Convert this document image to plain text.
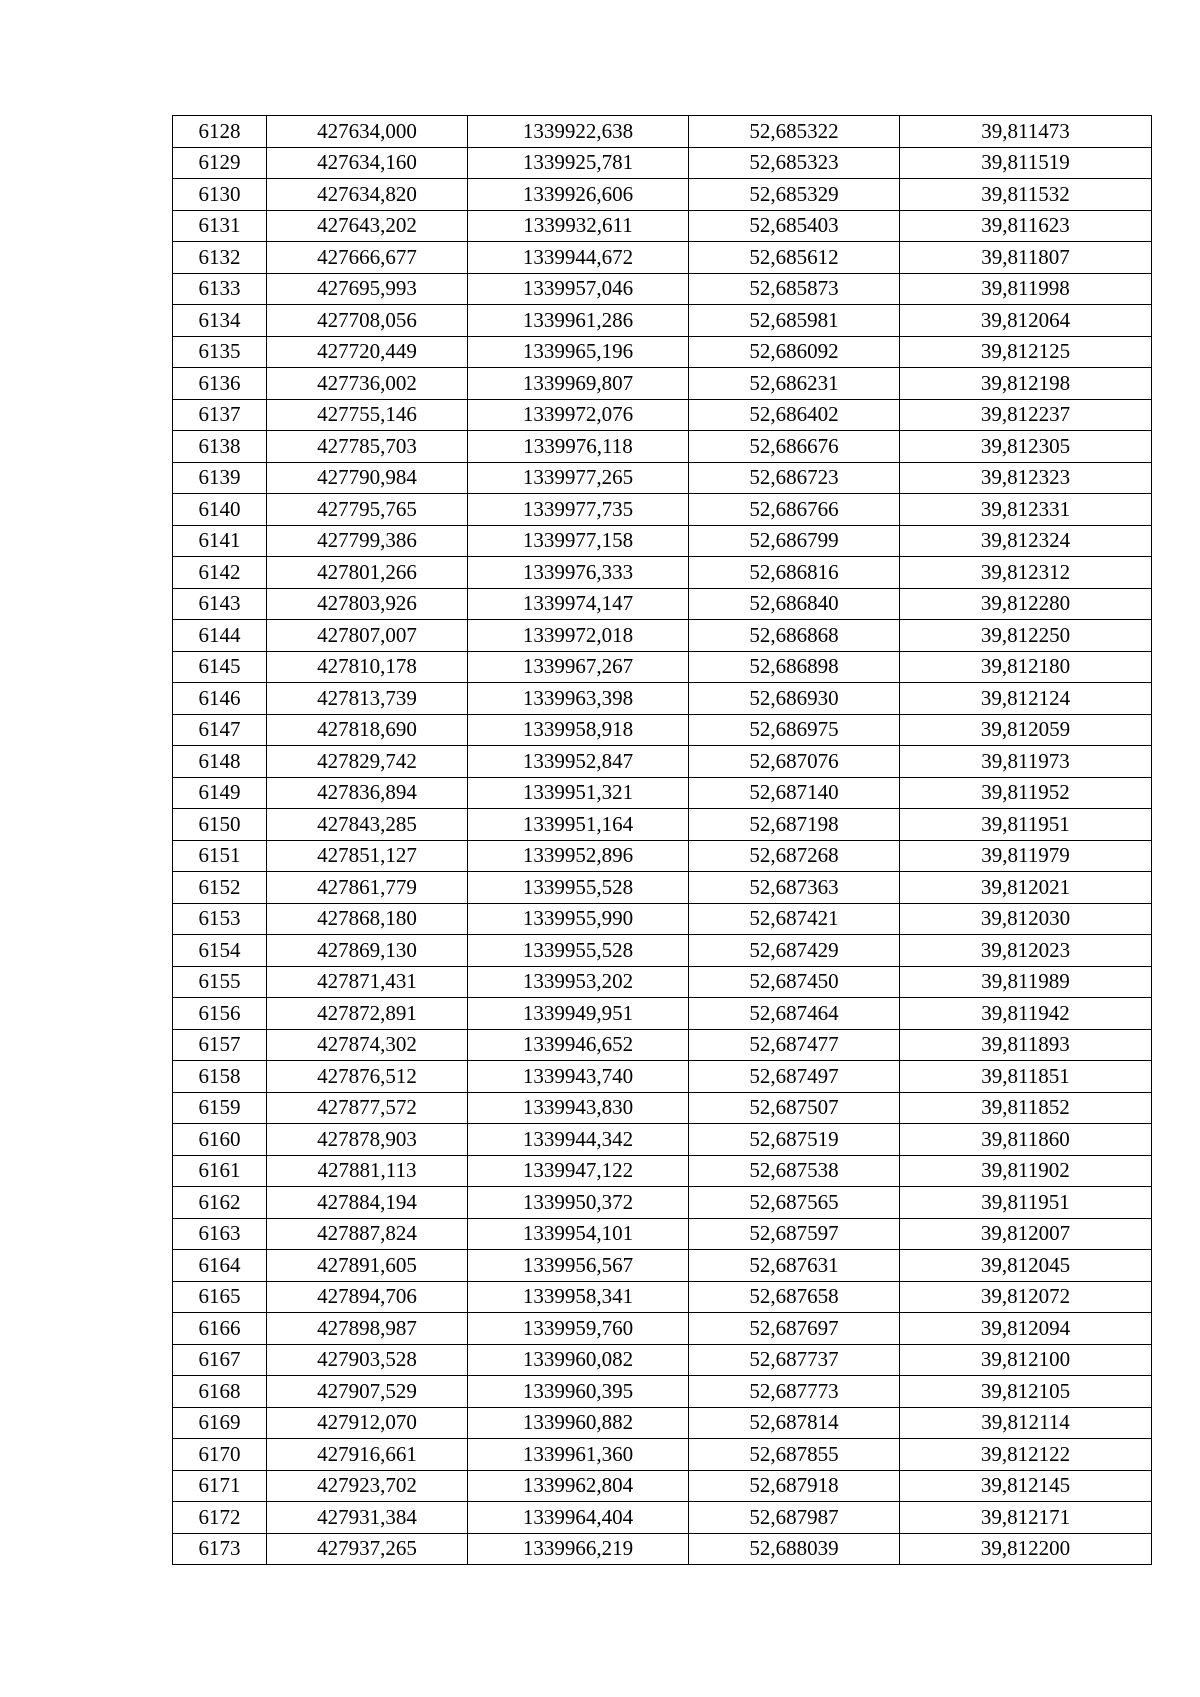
6128	427634,000	1339922,638	52,685322	39,811473
6129	427634,160	1339925,781	52,685323	39,811519
6130	427634,820	1339926,606	52,685329	39,811532
6131	427643,202	1339932,611	52,685403	39,811623
6132	427666,677	1339944,672	52,685612	39,811807
6133	427695,993	1339957,046	52,685873	39,811998
6134	427708,056	1339961,286	52,685981	39,812064
6135	427720,449	1339965,196	52,686092	39,812125
6136	427736,002	1339969,807	52,686231	39,812198
6137	427755,146	1339972,076	52,686402	39,812237
6138	427785,703	1339976,118	52,686676	39,812305
6139	427790,984	1339977,265	52,686723	39,812323
6140	427795,765	1339977,735	52,686766	39,812331
6141	427799,386	1339977,158	52,686799	39,812324
6142	427801,266	1339976,333	52,686816	39,812312
6143	427803,926	1339974,147	52,686840	39,812280
6144	427807,007	1339972,018	52,686868	39,812250
6145	427810,178	1339967,267	52,686898	39,812180
6146	427813,739	1339963,398	52,686930	39,812124
6147	427818,690	1339958,918	52,686975	39,812059
6148	427829,742	1339952,847	52,687076	39,811973
6149	427836,894	1339951,321	52,687140	39,811952
6150	427843,285	1339951,164	52,687198	39,811951
6151	427851,127	1339952,896	52,687268	39,811979
6152	427861,779	1339955,528	52,687363	39,812021
6153	427868,180	1339955,990	52,687421	39,812030
6154	427869,130	1339955,528	52,687429	39,812023
6155	427871,431	1339953,202	52,687450	39,811989
6156	427872,891	1339949,951	52,687464	39,811942
6157	427874,302	1339946,652	52,687477	39,811893
6158	427876,512	1339943,740	52,687497	39,811851
6159	427877,572	1339943,830	52,687507	39,811852
6160	427878,903	1339944,342	52,687519	39,811860
6161	427881,113	1339947,122	52,687538	39,811902
6162	427884,194	1339950,372	52,687565	39,811951
6163	427887,824	1339954,101	52,687597	39,812007
6164	427891,605	1339956,567	52,687631	39,812045
6165	427894,706	1339958,341	52,687658	39,812072
6166	427898,987	1339959,760	52,687697	39,812094
6167	427903,528	1339960,082	52,687737	39,812100
6168	427907,529	1339960,395	52,687773	39,812105
6169	427912,070	1339960,882	52,687814	39,812114
6170	427916,661	1339961,360	52,687855	39,812122
6171	427923,702	1339962,804	52,687918	39,812145
6172	427931,384	1339964,404	52,687987	39,812171
6173	427937,265	1339966,219	52,688039	39,812200
